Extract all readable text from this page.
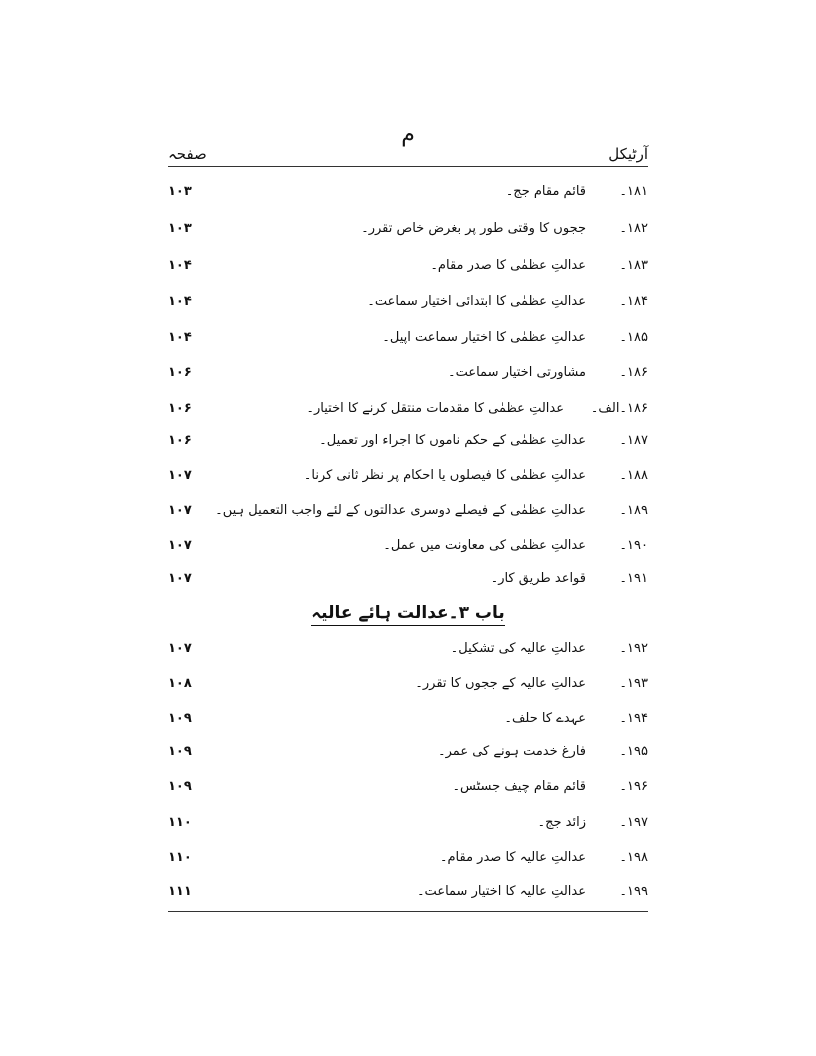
م
آرٹیکل
صفحہ
۱۸۱۔
قائم مقام جج۔
۱۰۳
۱۸۲۔
ججوں کا وقتی طور پر بغرض خاص تقرر۔
۱۰۳
۱۸۳۔
عدالتِ عظمٰی کا صدر مقام۔
۱۰۴
۱۸۴۔
عدالتِ عظمٰی کا ابتدائی اختیار سماعت۔
۱۰۴
۱۸۵۔
عدالتِ عظمٰی کا اختیار سماعت اپیل۔
۱۰۴
۱۸۶۔
مشاورتی اختیار سماعت۔
۱۰۶
۱۸۶۔الف۔
عدالتِ عظمٰی کا مقدمات منتقل کرنے کا اختیار۔
۱۰۶
۱۸۷۔
عدالتِ عظمٰی کے حکم ناموں کا اجراء اور تعمیل۔
۱۰۶
۱۸۸۔
عدالتِ عظمٰی کا فیصلوں یا احکام پر نظر ثانی کرنا۔
۱۰۷
۱۸۹۔
عدالتِ عظمٰی کے فیصلے دوسری عدالتوں کے لئے واجب التعمیل ہیں۔
۱۰۷
۱۹۰۔
عدالتِ عظمٰی کی معاونت میں عمل۔
۱۰۷
۱۹۱۔
قواعد طریق کار۔
۱۰۷
باب ۳۔عدالت ہائے عالیہ
۱۹۲۔
عدالتِ عالیہ کی تشکیل۔
۱۰۷
۱۹۳۔
عدالتِ عالیہ کے ججوں کا تقرر۔
۱۰۸
۱۹۴۔
عہدے کا حلف۔
۱۰۹
۱۹۵۔
فارغ خدمت ہونے کی عمر۔
۱۰۹
۱۹۶۔
قائم مقام چیف جسٹس۔
۱۰۹
۱۹۷۔
زائد جج۔
۱۱۰
۱۹۸۔
عدالتِ عالیہ کا صدر مقام۔
۱۱۰
۱۹۹۔
عدالتِ عالیہ کا اختیار سماعت۔
۱۱۱
